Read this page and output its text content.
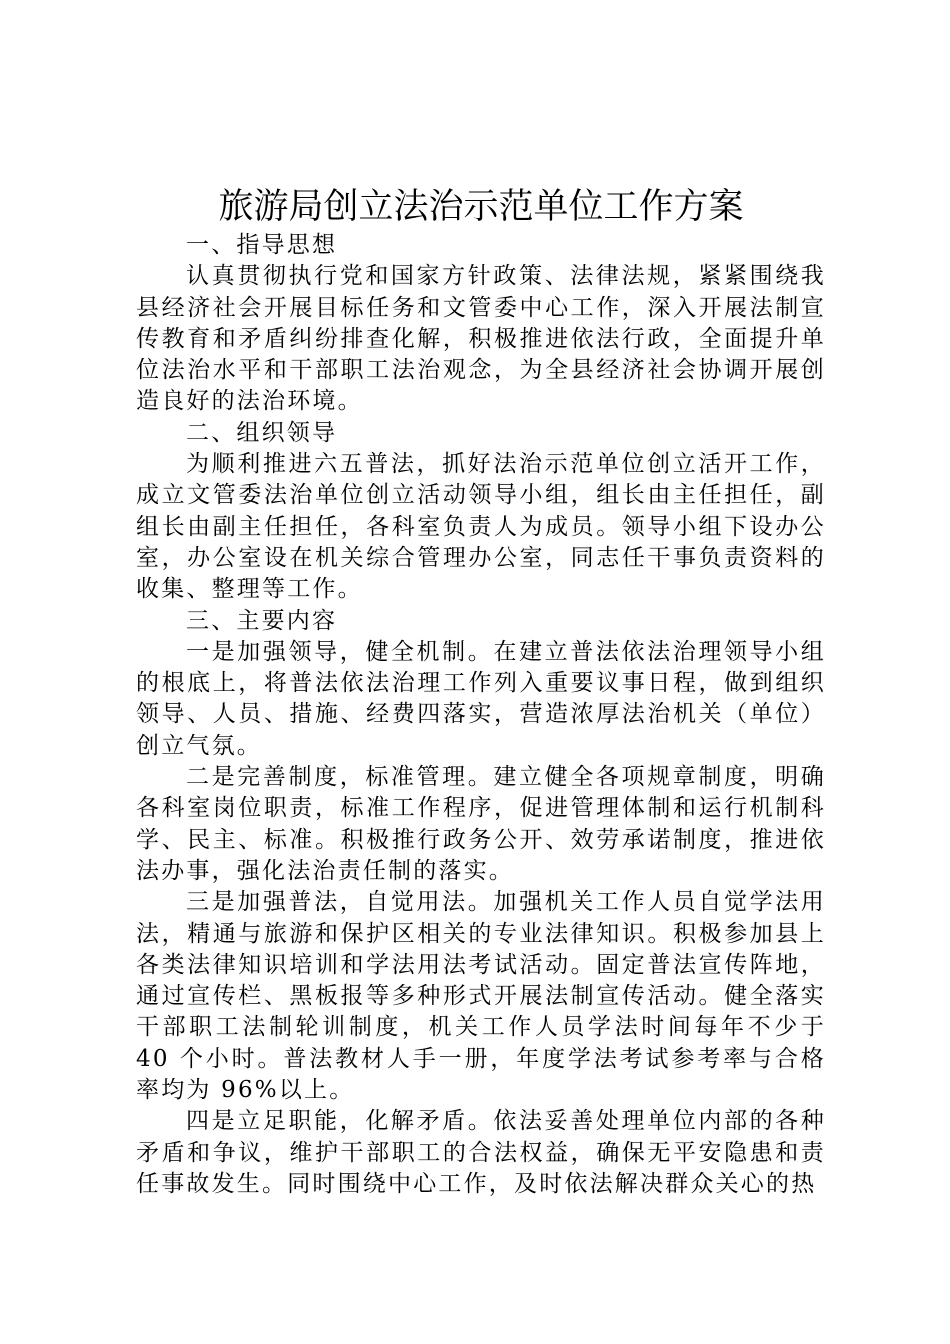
旅游局创立法治示范单位工作方案

一、指导思想

认真贯彻执行党和国家方针政策、法律法规，紧紧围绕我县经济社会开展目标任务和文管委中心工作，深入开展法制宣传教育和矛盾纠纷排查化解，积极推进依法行政，全面提升单位法治水平和干部职工法治观念，为全县经济社会协调开展创造良好的法治环境。

二、组织领导

为顺利推进六五普法，抓好法治示范单位创立活开工作，成立文管委法治单位创立活动领导小组，组长由主任担任，副组长由副主任担任，各科室负责人为成员。领导小组下设办公室，办公室设在机关综合管理办公室，同志任干事负责资料的收集、整理等工作。

三、主要内容

一是加强领导，健全机制。在建立普法依法治理领导小组的根底上，将普法依法治理工作列入重要议事日程，做到组织领导、人员、措施、经费四落实，营造浓厚法治机关（单位）创立气氛。

二是完善制度，标准管理。建立健全各项规章制度，明确各科室岗位职责，标准工作程序，促进管理体制和运行机制科学、民主、标准。积极推行政务公开、效劳承诺制度，推进依法办事，强化法治责任制的落实。

三是加强普法，自觉用法。加强机关工作人员自觉学法用法，精通与旅游和保护区相关的专业法律知识。积极参加县上各类法律知识培训和学法用法考试活动。固定普法宣传阵地，通过宣传栏、黑板报等多种形式开展法制宣传活动。健全落实干部职工法制轮训制度，机关工作人员学法时间每年不少于 40 个小时。普法教材人手一册，年度学法考试参考率与合格率均为 96%以上。

四是立足职能，化解矛盾。依法妥善处理单位内部的各种矛盾和争议，维护干部职工的合法权益，确保无平安隐患和责任事故发生。同时围绕中心工作，及时依法解决群众关心的热
